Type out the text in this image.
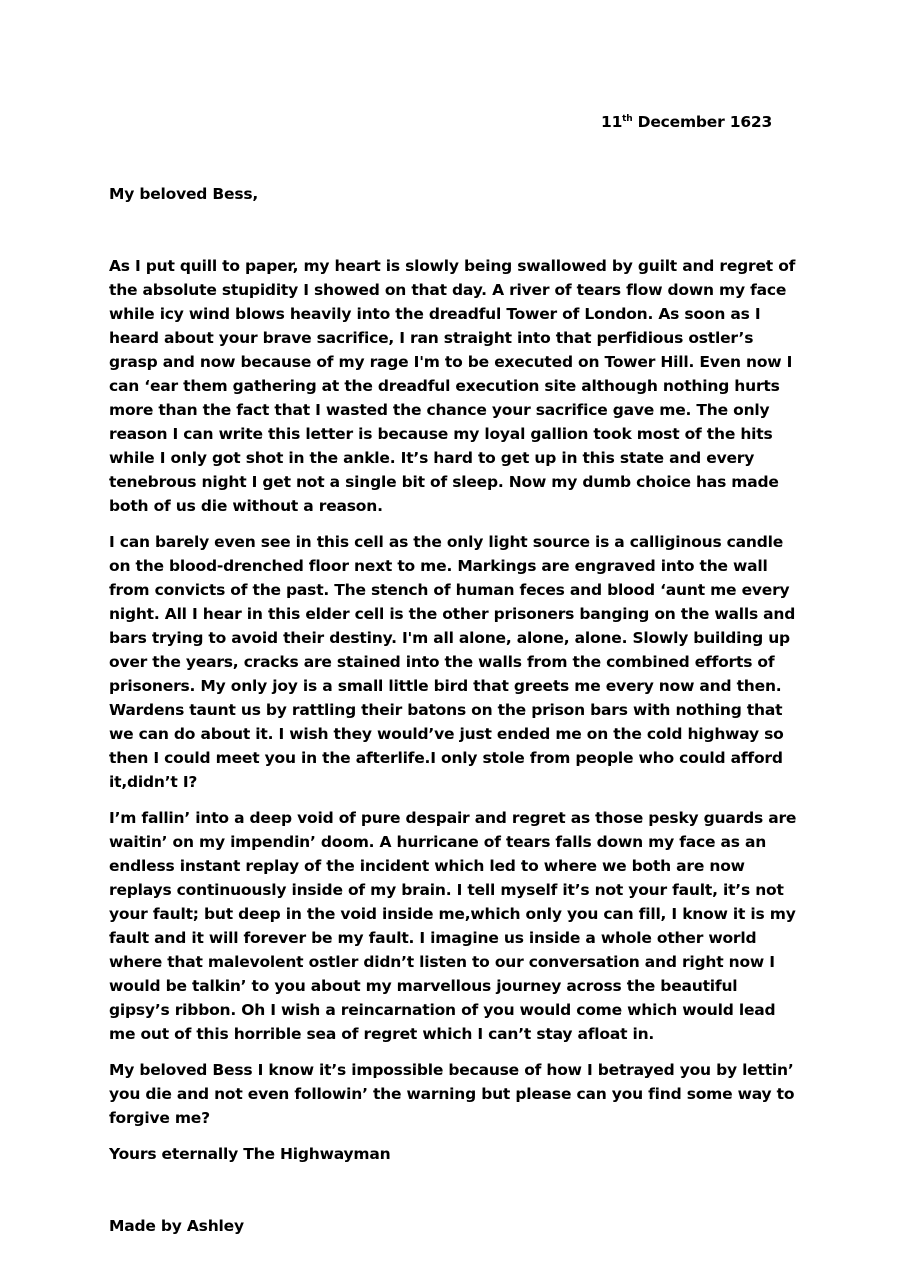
11th December 1623
My beloved Bess,

As I put quill to paper, my heart is slowly being swallowed by guilt and regret of the absolute stupidity I showed on that day. A river of tears flow down my face while icy wind blows heavily into the dreadful Tower of London. As soon as I heard about your brave sacrifice, I ran straight into that perfidious ostler’s grasp and now because of my rage I'm to be executed on Tower Hill. Even now I can ‘ear them gathering at the dreadful execution site although nothing hurts more than the fact that I wasted the chance your sacrifice gave me. The only reason I can write this letter is because my loyal gallion took most of the hits while I only got shot in the ankle. It’s hard to get up in this state and every tenebrous night I get not a single bit of sleep. Now my dumb choice has made both of us die without a reason.

I can barely even see in this cell as the only light source is a calliginous candle on the blood-drenched floor next to me. Markings are engraved into the wall from convicts of the past. The stench of human feces and blood ‘aunt me every night. All I hear in this elder cell is the other prisoners banging on the walls and bars trying to avoid their destiny. I'm all alone, alone, alone. Slowly building up over the years, cracks are stained into the walls from the combined efforts of prisoners. My only joy is a small little bird that greets me every now and then. Wardens taunt us by rattling their batons on the prison bars with nothing that we can do about it. I wish they would’ve just ended me on the cold highway so then I could meet you in the afterlife.I only stole from people who could afford it,didn’t I?

I’m fallin’ into a deep void of pure despair and regret as those pesky guards are waitin’ on my impendin’ doom. A hurricane of tears falls down my face as an endless instant replay of the incident which led to where we both are now replays continuously inside of my brain. I tell myself it’s not your fault, it’s not your fault; but deep in the void inside me,which only you can fill, I know it is my fault and it will forever be my fault. I imagine us inside a whole other world where that malevolent ostler didn’t listen to our conversation and right now I would be talkin’ to you about my marvellous journey across the beautiful gipsy’s ribbon. Oh I wish a reincarnation of you would come which would lead me out of this horrible sea of regret which I can’t stay afloat in.

My beloved Bess I know it’s impossible because of how I betrayed you by lettin’ you die and not even followin’ the warning but please can you find some way to forgive me?

Yours eternally The Highwayman
Made by Ashley
